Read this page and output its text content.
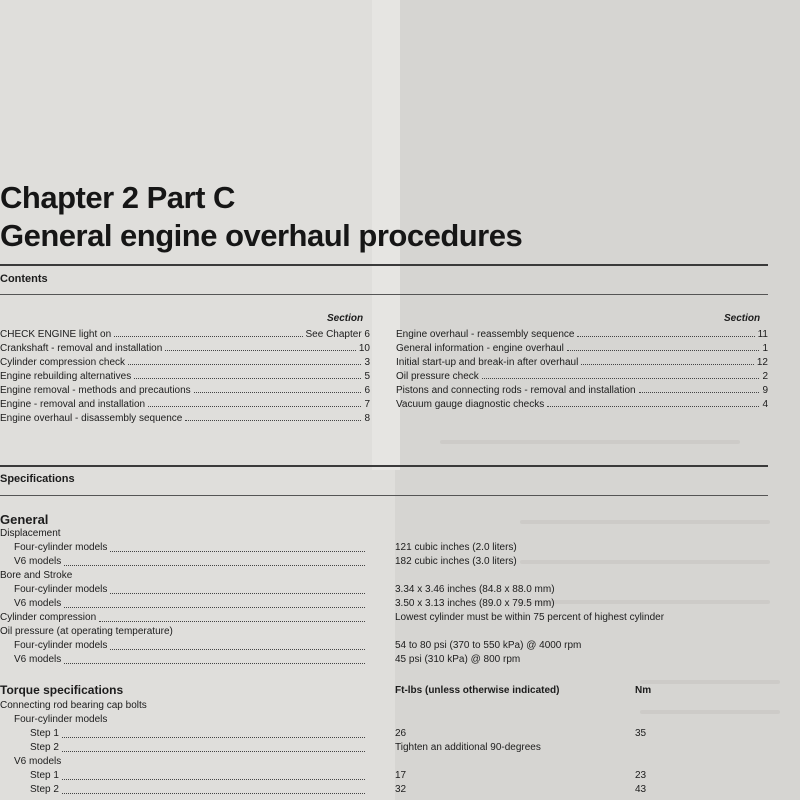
Chapter 2 Part C
General engine overhaul procedures
Contents
Section	Section
CHECK ENGINE light on	See Chapter 6
Crankshaft - removal and installation	10
Cylinder compression check	3
Engine rebuilding alternatives	5
Engine removal - methods and precautions	6
Engine - removal and installation	7
Engine overhaul - disassembly sequence	8
Engine overhaul - reassembly sequence	11
General information - engine overhaul	1
Initial start-up and break-in after overhaul	12
Oil pressure check	2
Pistons and connecting rods - removal and installation	9
Vacuum gauge diagnostic checks	4
Specifications
General
Displacement
Four-cylinder models	121 cubic inches (2.0 liters)
V6 models	182 cubic inches (3.0 liters)
Bore and Stroke
Four-cylinder models	3.34 x 3.46 inches (84.8 x 88.0 mm)
V6 models	3.50 x 3.13 inches (89.0 x 79.5 mm)
Cylinder compression	Lowest cylinder must be within 75 percent of highest cylinder
Oil pressure (at operating temperature)
Four-cylinder models	54 to 80 psi (370 to 550 kPa) @ 4000 rpm
V6 models	45 psi (310 kPa) @ 800 rpm
Torque specifications	Ft-lbs (unless otherwise indicated)	Nm
Connecting rod bearing cap bolts
Four-cylinder models
Step 1	26	35
Step 2	Tighten an additional 90-degrees
V6 models
Step 1	17	23
Step 2	32	43
